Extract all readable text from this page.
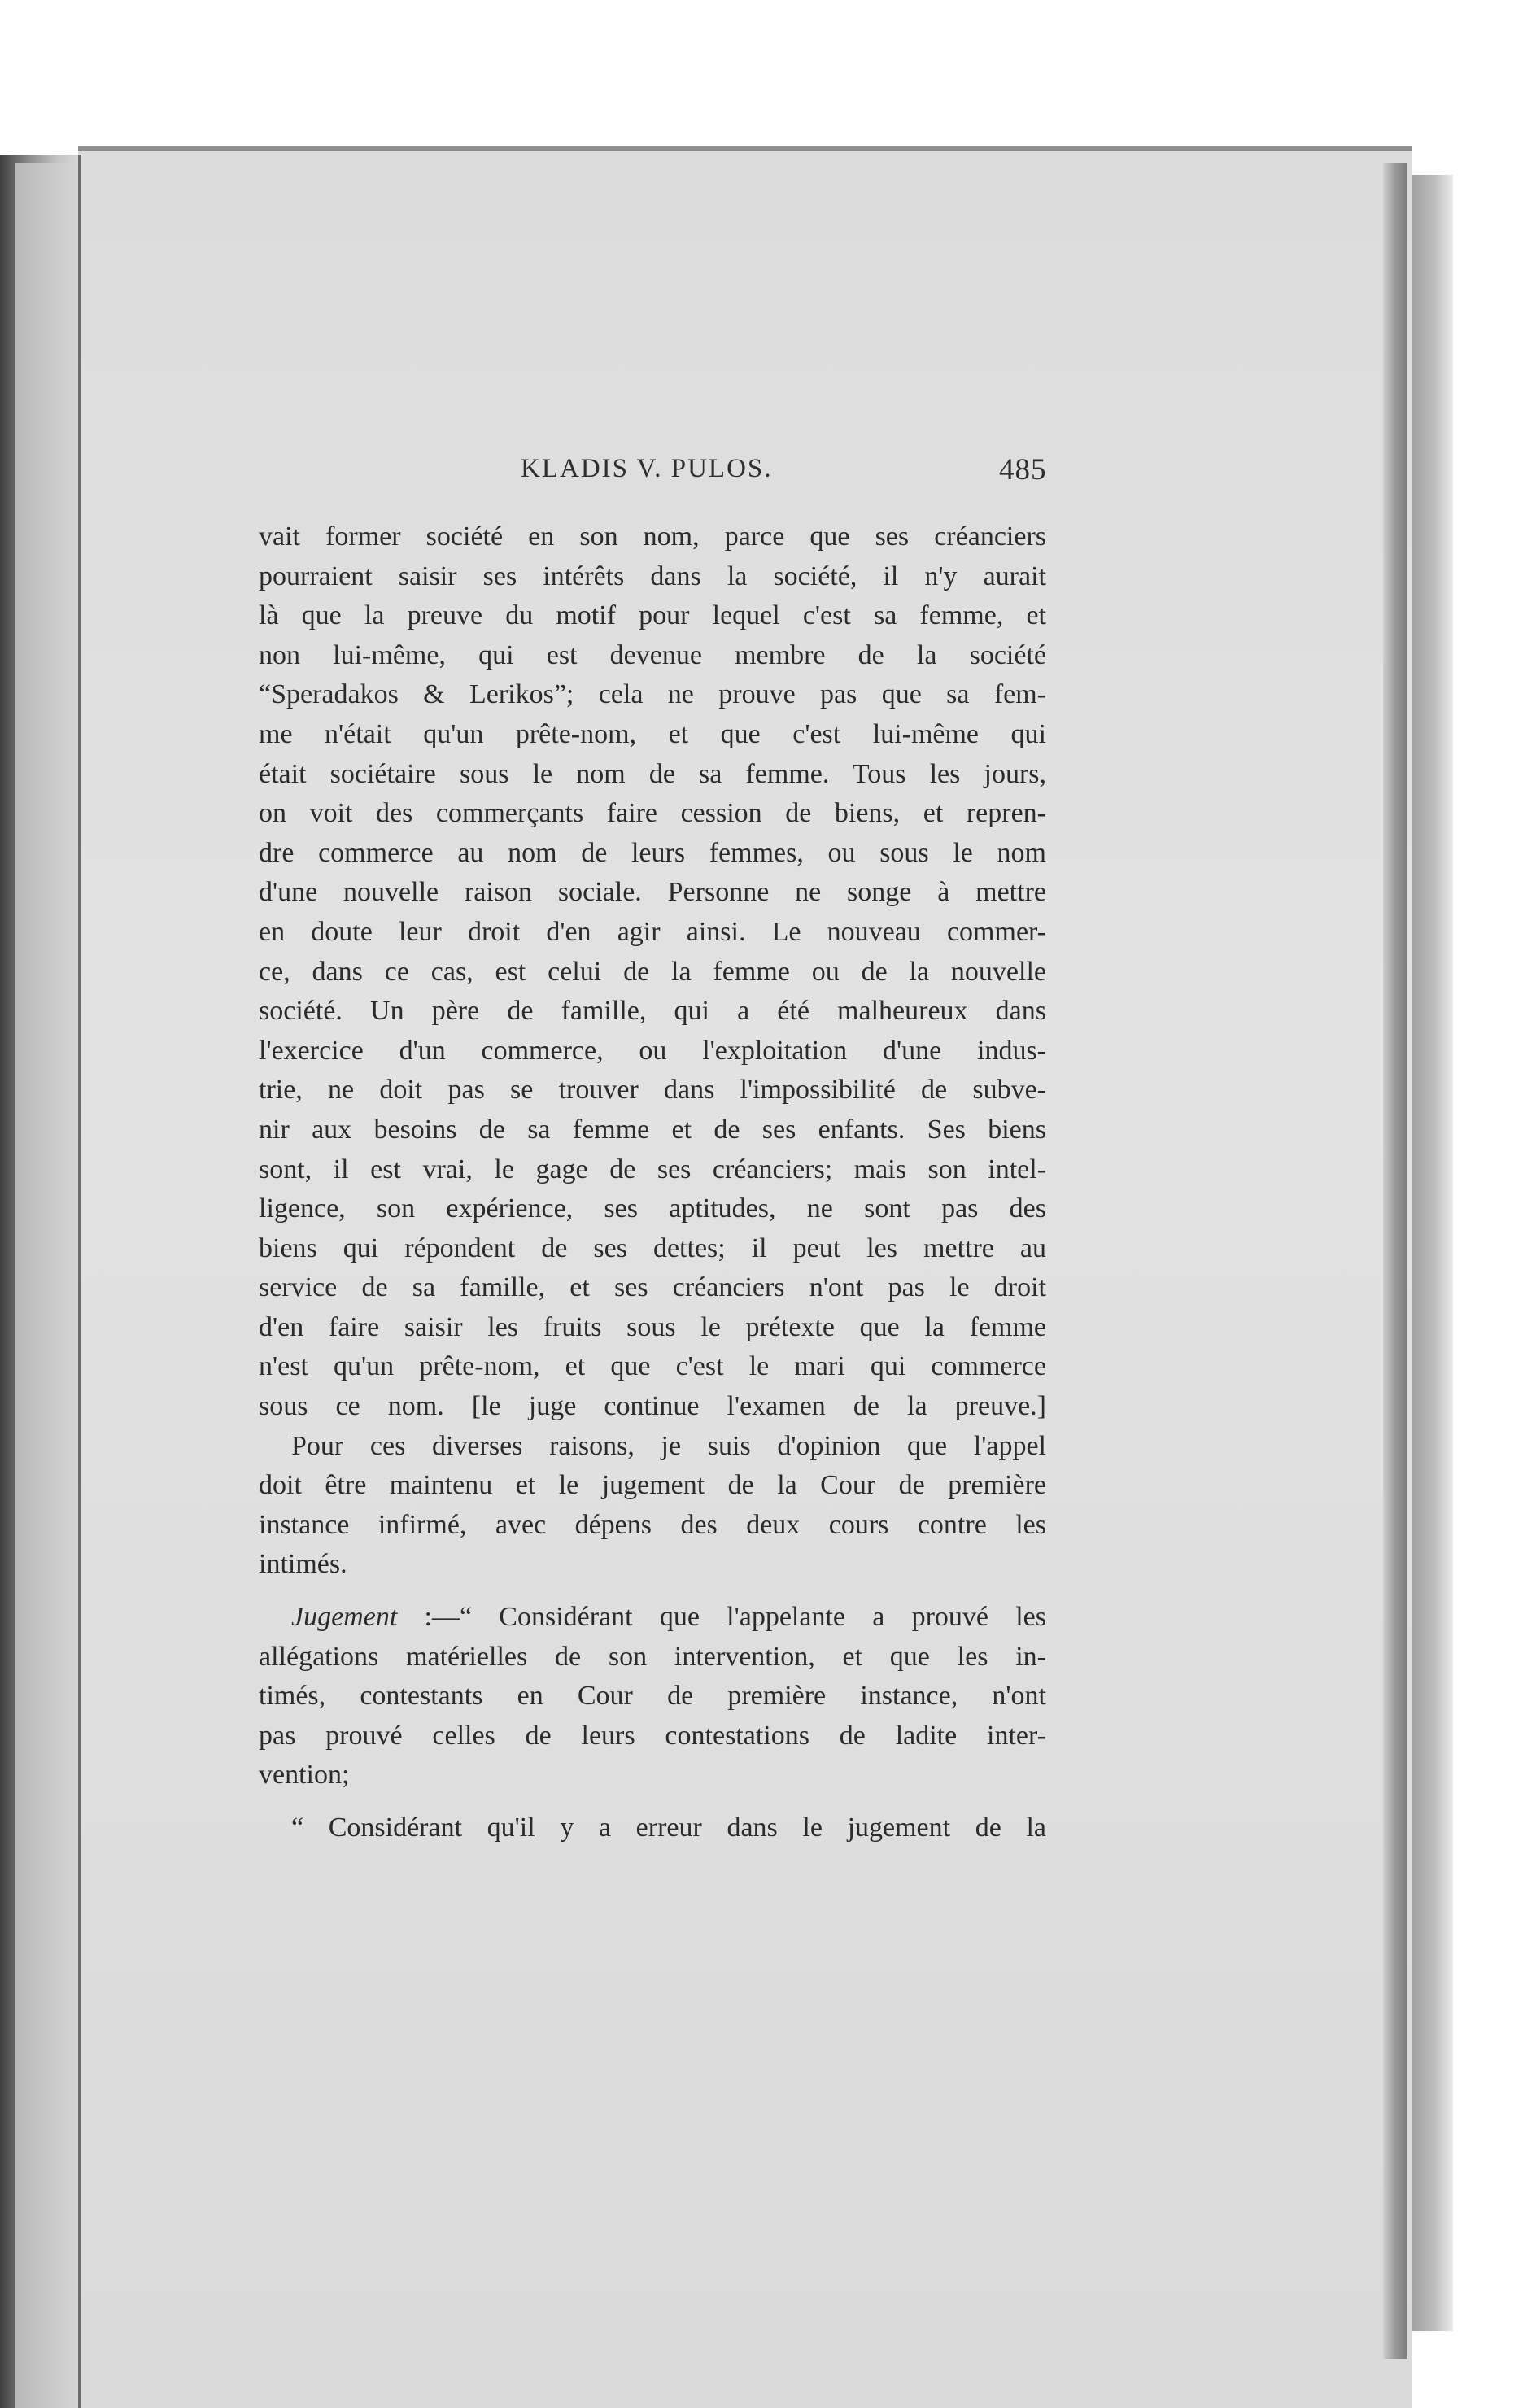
KLADIS V. PULOS.	485
vait former société en son nom, parce que ses créanciers
pourraient saisir ses intérêts dans la société, il n'y aurait
là que la preuve du motif pour lequel c'est sa femme, et
non lui-même, qui est devenue membre de la société
“Speradakos & Lerikos”; cela ne prouve pas que sa fem-
me n'était qu'un prête-nom, et que c'est lui-même qui
était sociétaire sous le nom de sa femme. Tous les jours,
on voit des commerçants faire cession de biens, et repren-
dre commerce au nom de leurs femmes, ou sous le nom
d'une nouvelle raison sociale. Personne ne songe à mettre
en doute leur droit d'en agir ainsi. Le nouveau commer-
ce, dans ce cas, est celui de la femme ou de la nouvelle
société. Un père de famille, qui a été malheureux dans
l'exercice d'un commerce, ou l'exploitation d'une indus-
trie, ne doit pas se trouver dans l'impossibilité de subve-
nir aux besoins de sa femme et de ses enfants. Ses biens
sont, il est vrai, le gage de ses créanciers; mais son intel-
ligence, son expérience, ses aptitudes, ne sont pas des
biens qui répondent de ses dettes; il peut les mettre au
service de sa famille, et ses créanciers n'ont pas le droit
d'en faire saisir les fruits sous le prétexte que la femme
n'est qu'un prête-nom, et que c'est le mari qui commerce
sous ce nom. [le juge continue l'examen de la preuve.]
Pour ces diverses raisons, je suis d'opinion que l'appel
doit être maintenu et le jugement de la Cour de première
instance infirmé, avec dépens des deux cours contre les
intimés.
Jugement :—“ Considérant que l'appelante a prouvé les
allégations matérielles de son intervention, et que les in-
timés, contestants en Cour de première instance, n'ont
pas prouvé celles de leurs contestations de ladite inter-
vention;
“ Considérant qu'il y a erreur dans le jugement de la
